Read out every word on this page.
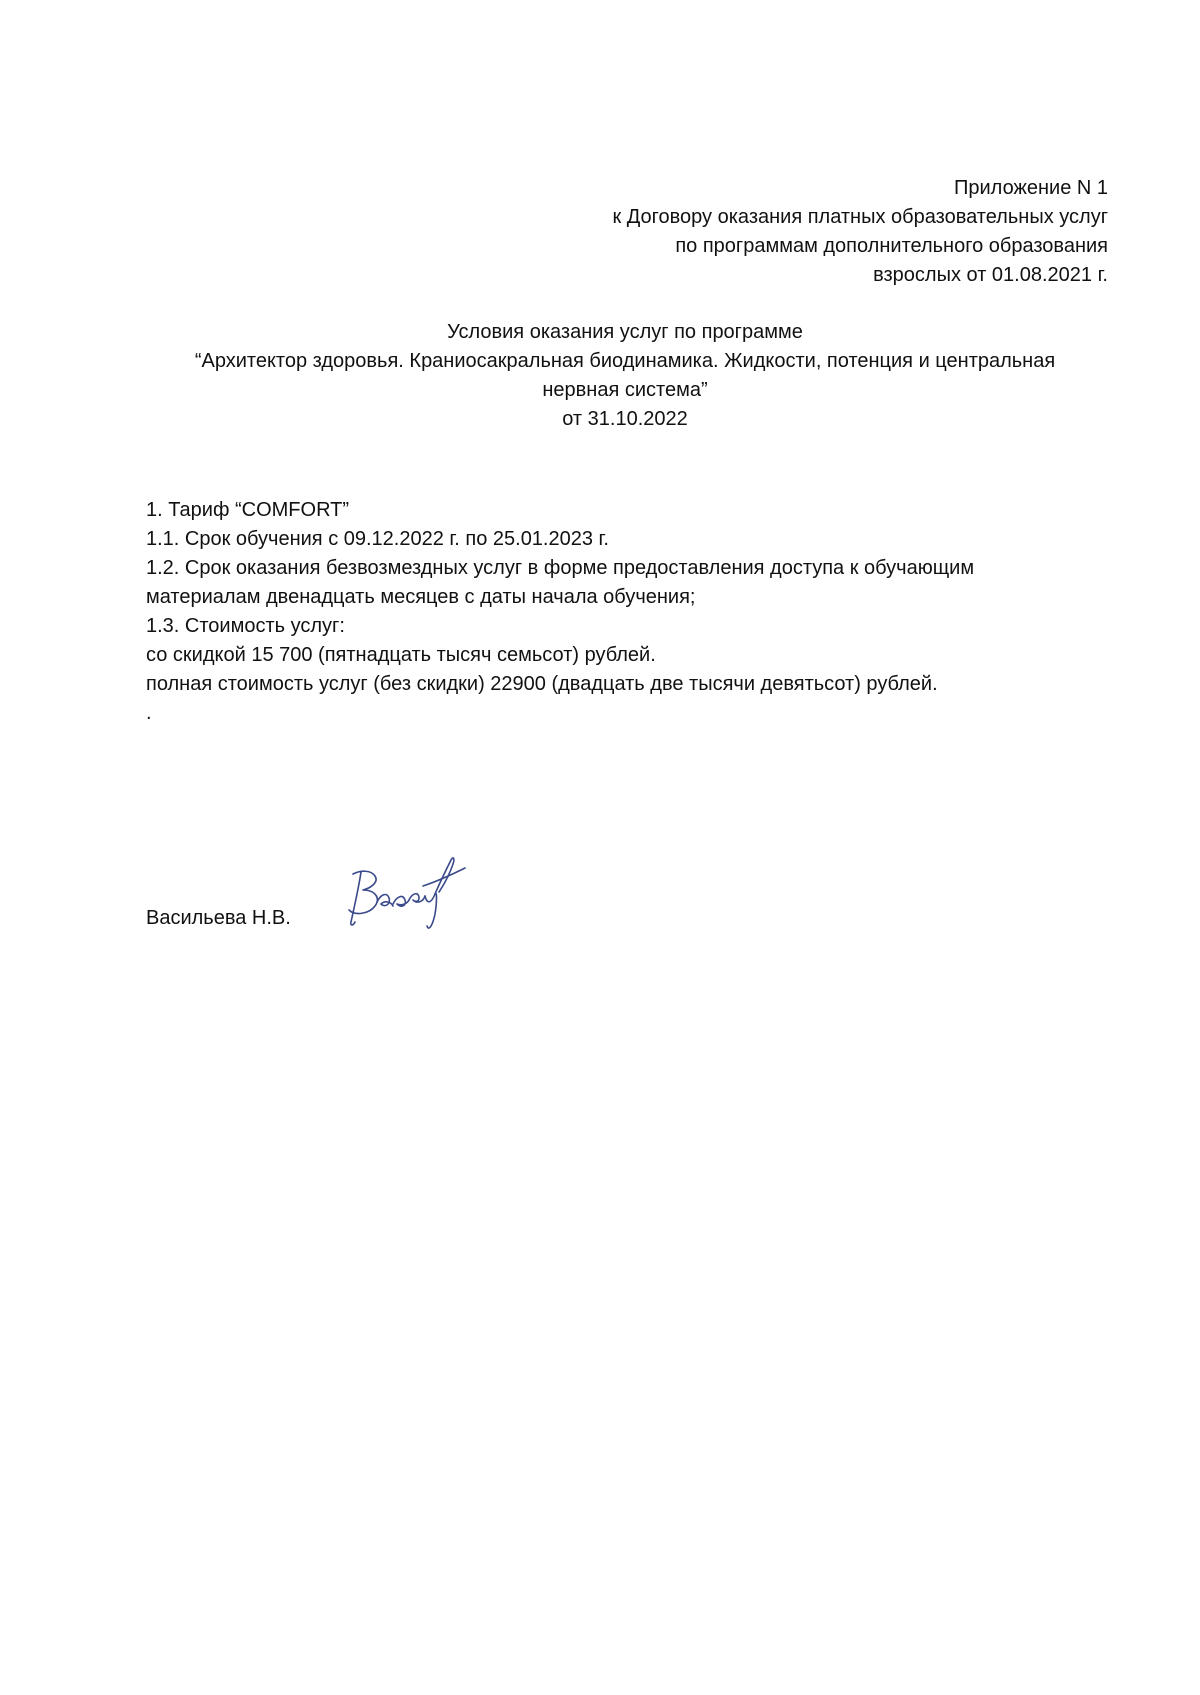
Приложение N 1
к Договору оказания платных образовательных услуг
по программам дополнительного образования
взрослых от 01.08.2021 г.
Условия оказания услуг по программе
“Архитектор здоровья. Краниосакральная биодинамика. Жидкости, потенция и центральная
нервная система”
от 31.10.2022
1. Тариф “COMFORT”
1.1. Срок обучения с 09.12.2022 г. по 25.01.2023 г.
1.2. Срок оказания безвозмездных услуг в форме предоставления доступа к обучающим
материалам двенадцать месяцев с даты начала обучения;
1.3. Стоимость услуг:
со скидкой 15 700 (пятнадцать тысяч семьсот) рублей.
полная стоимость услуг (без скидки) 22900 (двадцать две тысячи девятьсот) рублей.
.
Васильева Н.В.
